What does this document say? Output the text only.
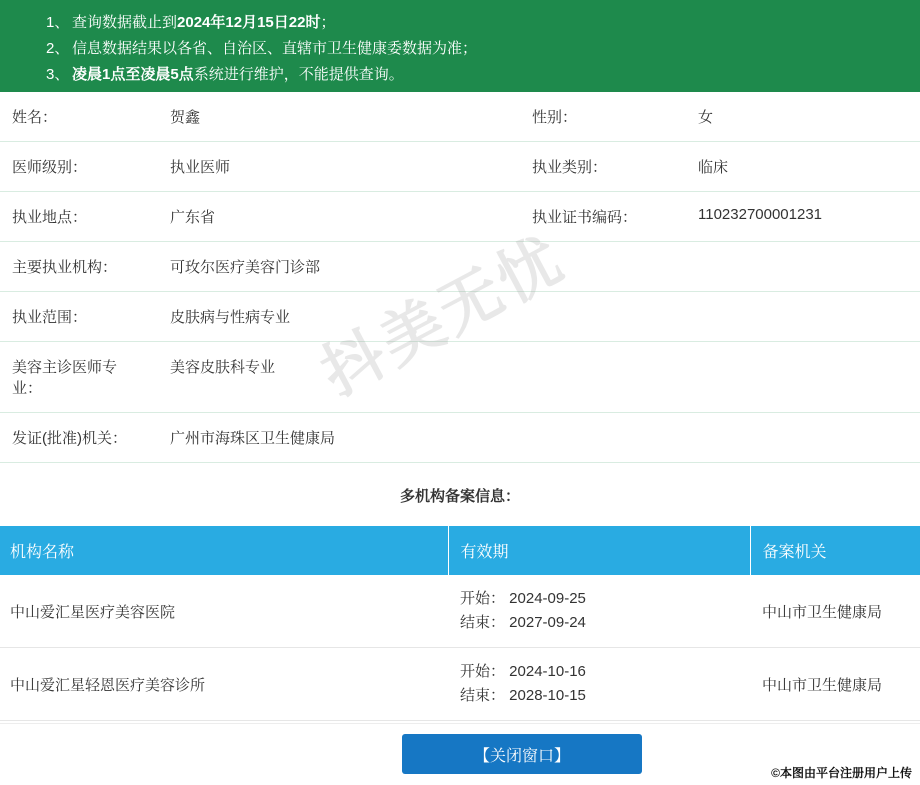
1、 查询数据截止到 2024年12月15日22时 ；
2、 信息数据结果以各省、自治区、直辖市卫生健康委数据为准；
3、 凌晨1点至凌晨5点 系统进行维护，不能提供查询。
抖美无忧
姓名：	贺鑫	性别：	女
医师级别：	执业医师	执业类别：	临床
执业地点：	广东省	执业证书编码：	110232700001231
主要执业机构：	可玫尔医疗美容门诊部		
执业范围：	皮肤病与性病专业		
美容主诊医师专业：	美容皮肤科专业		
发证(批准)机关：	广州市海珠区卫生健康局		
多机构备案信息：
机构名称	有效期	备案机关
中山爱汇星医疗美容医院	开始： 2024-09-25
结束： 2027-09-24	中山市卫生健康局
中山爱汇星轻恩医疗美容诊所	开始： 2024-10-16
结束： 2028-10-15	中山市卫生健康局

【关闭窗口】
©本图由平台注册用户上传
